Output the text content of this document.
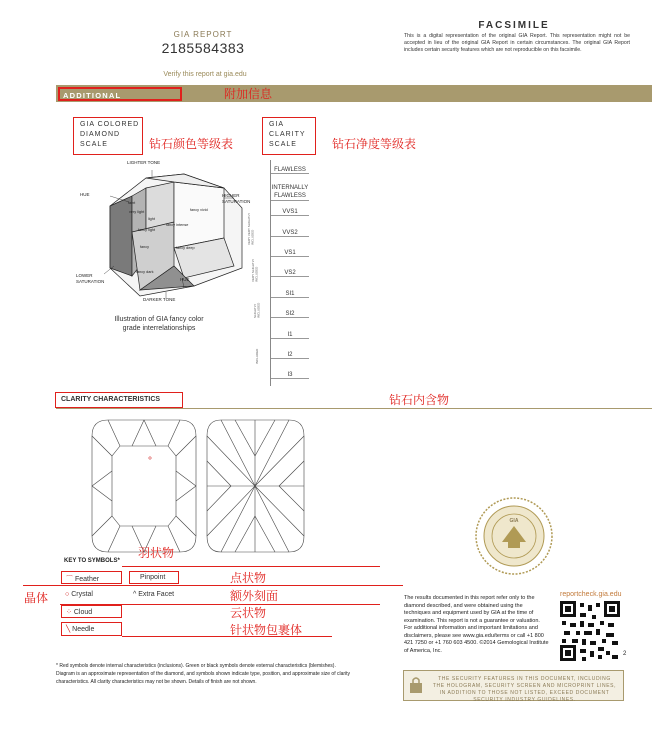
GIA REPORT
2185584383
Verify this report at gia.edu
FACSIMILE
This is a digital representation of the original GIA Report. This representation might not be accepted in lieu of the original GIA Report in certain circumstances. The original GIA Report includes certain security features which are not reproducible on this facsimile.
ADDITIONAL INFORMATION
附加信息
GIA COLORED
DIAMOND
SCALE	钻石颜色等级表
GIA
CLARITY
SCALE	钻石净度等级表
LIGHTER TONE
HUE	HIGHER SATURATION
LOWER SATURATION
DARKER TONE
HUE
faint
very light
light
fancy light
fancy
fancy intense
fancy vivid
fancy dark
fancy deep
Illustration of GIA fancy color
grade interrelationships
FLAWLESS
INTERNALLY FLAWLESS
VVS1
VVS2
VS1
VS2
SI1
SI2
I1
I2
I3
VERY VERY SLIGHTLY INCLUDED
VERY SLIGHTLY INCLUDED
SLIGHTLY INCLUDED
INCLUDED
CLARITY CHARACTERISTICS	钻石内含物
KEY TO SYMBOLS*
羽状物
晶体
⌒ Feather
○ Crystal
⁘ Cloud
╲ Needle
Pinpoint
^ Extra Facet
点状物
额外刻面
云状物
针状物包裹体
* Red symbols denote internal characteristics (inclusions). Green or black symbols denote external characteristics (blemishes). Diagram is an approximate representation of the diamond, and symbols shown indicate type, position, and approximate size of clarity characteristics. All clarity characteristics may not be shown. Details of finish are not shown.
GIA
The results documented in this report refer only to the diamond described, and were obtained using the techniques and equipment used by GIA at the time of examination. This report is not a guarantee or valuation. For additional information and important limitations and disclaimers, please see www.gia.edu/terms or call +1 800 421 7250 or +1 760 603 4500. ©2014 Gemological Institute of America, Inc.
reportcheck.gia.edu
2
THE SECURITY FEATURES IN THIS DOCUMENT, INCLUDING THE HOLOGRAM, SECURITY SCREEN AND MICROPRINT LINES, IN ADDITION TO THOSE NOT LISTED, EXCEED DOCUMENT SECURITY INDUSTRY GUIDELINES.
